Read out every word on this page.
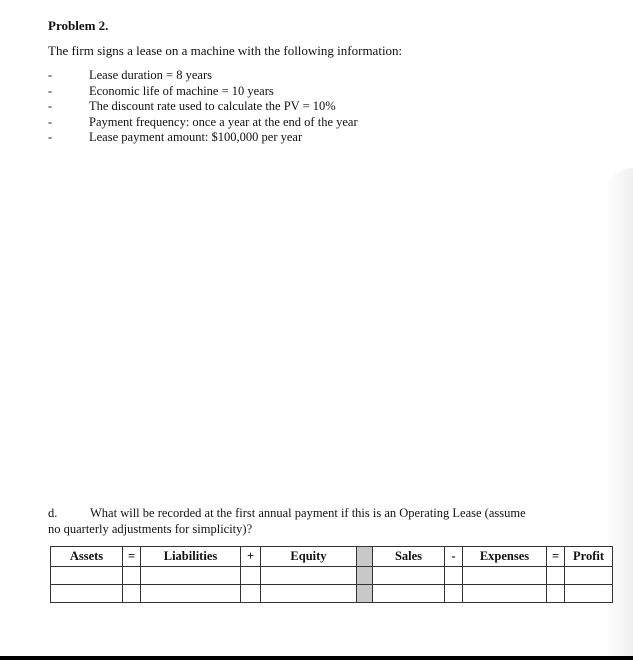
Problem 2.
The firm signs a lease on a machine with the following information:
-	Lease duration = 8 years
-	Economic life of machine = 10 years
-	The discount rate used to calculate the PV = 10%
-	Payment frequency: once a year at the end of the year
-	Lease payment amount: $100,000 per year
d.	What will be recorded at the first annual payment if this is an Operating Lease (assume
no quarterly adjustments for simplicity)?
Assets	=	Liabilities	+	Equity		Sales	-	Expenses	=	Profit
